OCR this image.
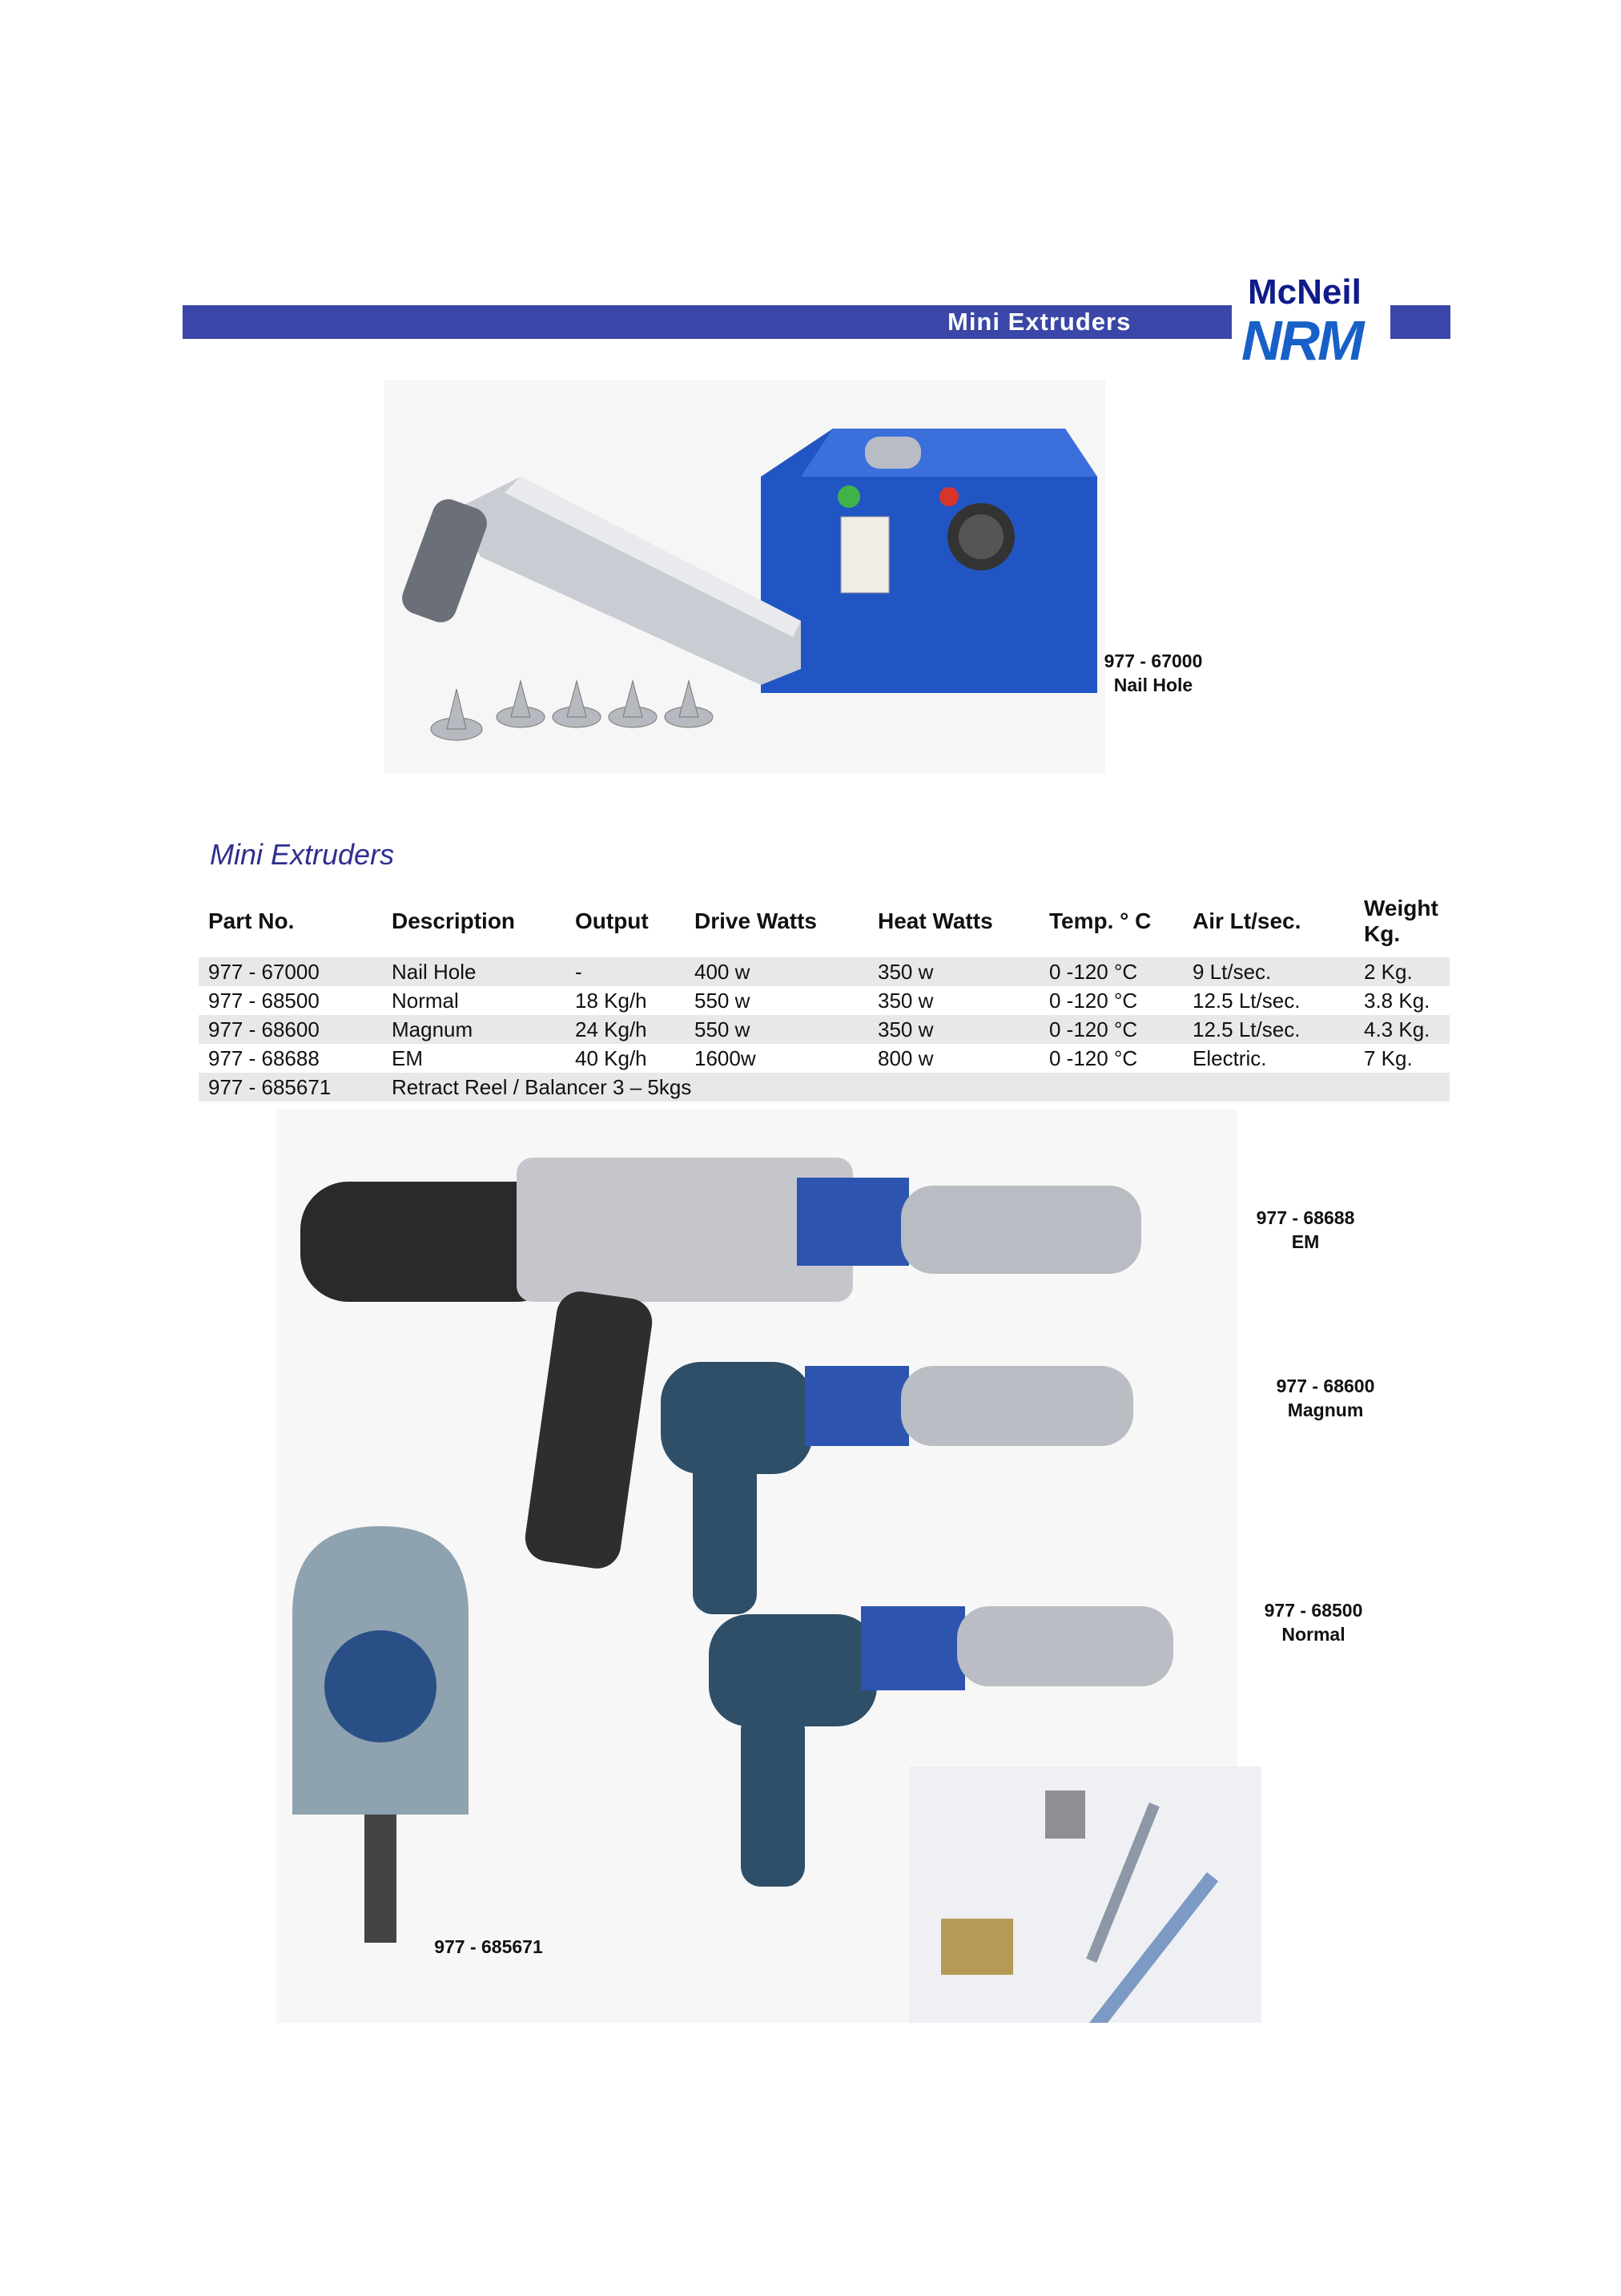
Mini Extruders
McNeil
NRM
977 - 67000
Nail Hole
Mini Extruders
Part No.	Description	Output	Drive Watts	Heat Watts	Temp. ° C	Air Lt/sec.	Weight Kg.
977 - 67000	Nail Hole	-	400 w	350 w	0 -120 °C	9 Lt/sec.	2 Kg.
977 - 68500	Normal	18 Kg/h	550 w	350 w	0 -120 °C	12.5 Lt/sec.	3.8 Kg.
977 - 68600	Magnum	24 Kg/h	550 w	350 w	0 -120 °C	12.5 Lt/sec.	4.3 Kg.
977 - 68688	EM	40 Kg/h	1600w	800 w	0 -120 °C	Electric.	7 Kg.
977 - 685671	Retract Reel / Balancer 3 – 5kgs						
977 - 68688
EM
977 - 68600
Magnum
977 - 68500
Normal
977 - 685671
